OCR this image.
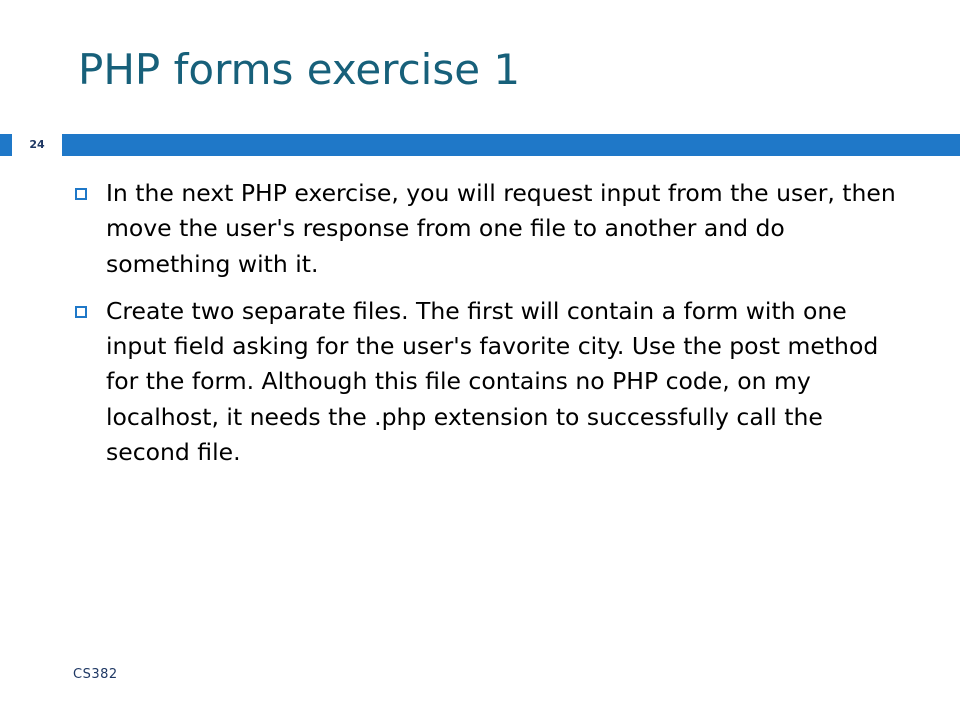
PHP forms exercise 1
24
In the next PHP exercise, you will request input from the user, then move the user's response from one file to another and do something with it.
Create two separate files. The first will contain a form with one input field asking for the user's favorite city. Use the post method for the form. Although this file contains no PHP code, on my localhost, it needs the .php extension to successfully call the second file.
CS382
